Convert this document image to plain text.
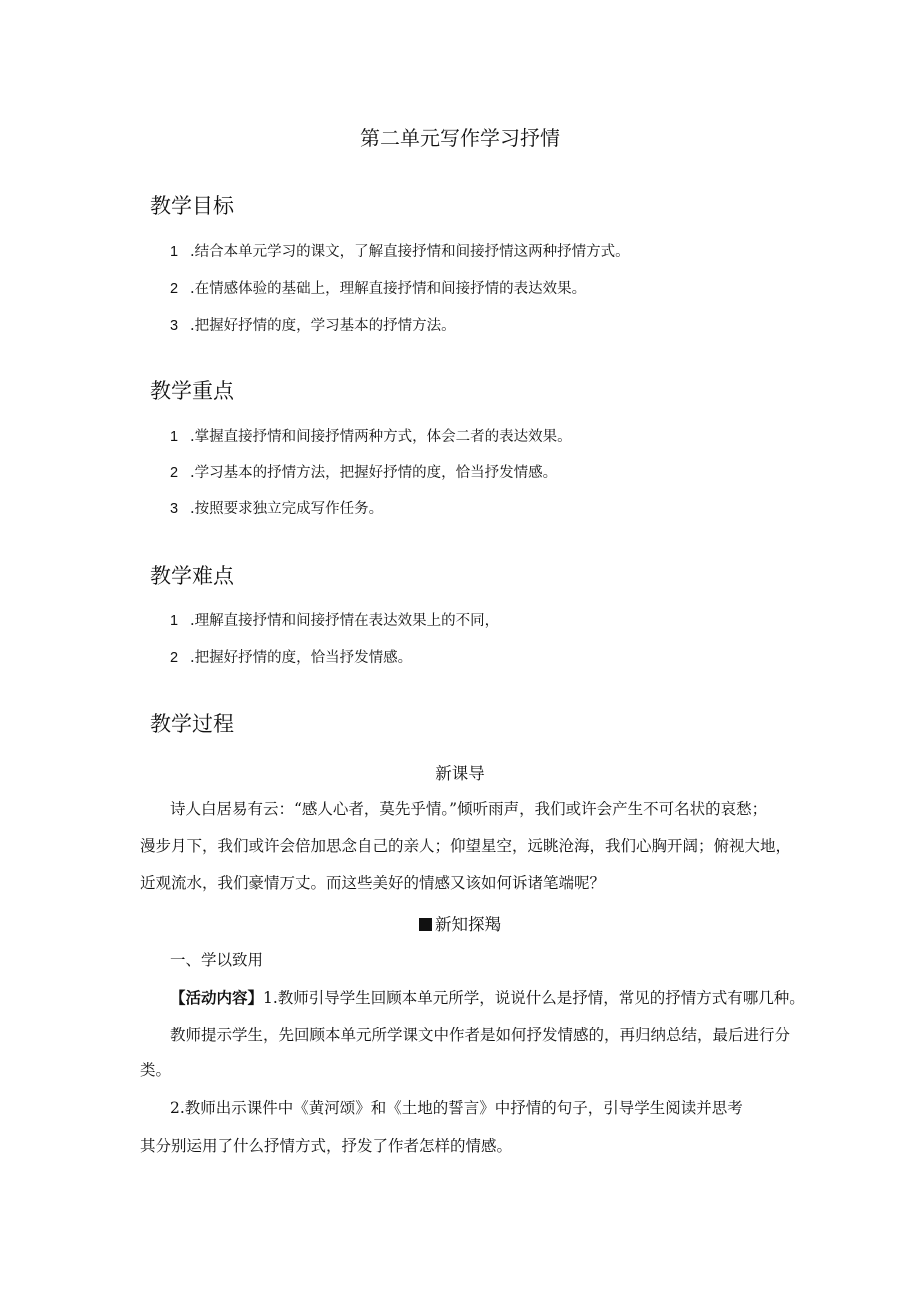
第二单元写作学习抒情
教学目标
1 .结合本单元学习的课文，了解直接抒情和间接抒情这两种抒情方式。
2 .在情感体验的基础上，理解直接抒情和间接抒情的表达效果。
3 .把握好抒情的度，学习基本的抒情方法。
教学重点
1 .掌握直接抒情和间接抒情两种方式，体会二者的表达效果。
2 .学习基本的抒情方法，把握好抒情的度，恰当抒发情感。
3 .按照要求独立完成写作任务。
教学难点
1 .理解直接抒情和间接抒情在表达效果上的不同，
2 .把握好抒情的度，恰当抒发情感。
教学过程
新课导
诗人白居易有云：“感人心者，莫先乎情。”倾听雨声，我们或许会产生不可名状的哀愁；
漫步月下，我们或许会倍加思念自己的亲人；仰望星空，远眺沧海，我们心胸开阔；俯视大地，
近观流水，我们豪情万丈。而这些美好的情感又该如何诉诸笔端呢？
新知探羯
一、学以致用
【活动内容】1.教师引导学生回顾本单元所学，说说什么是抒情，常见的抒情方式有哪几种。
教师提示学生，先回顾本单元所学课文中作者是如何抒发情感的，再归纳总结，最后进行分
类。
2.教师出示课件中《黄河颂》和《土地的誓言》中抒情的句子，引导学生阅读并思考
其分别运用了什么抒情方式，抒发了作者怎样的情感。
